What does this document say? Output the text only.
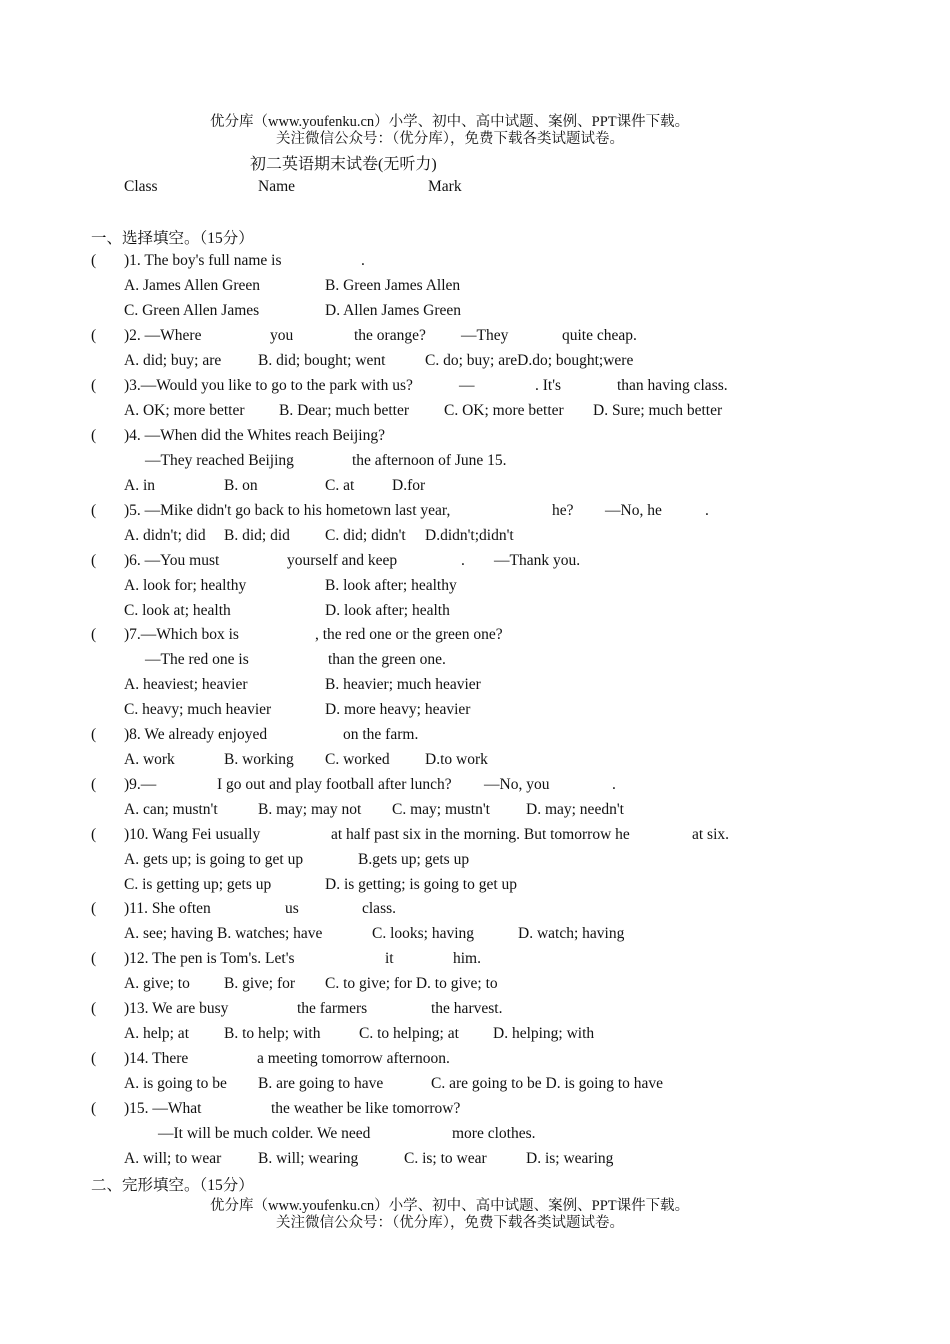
优分库（www.youfenku.cn）小学、初中、高中试题、案例、PPT课件下载。
关注微信公众号：（优分库），免费下载各类试题试卷。
初二英语期末试卷(无听力)
Class	Name	Mark
一、选择填空。（15分）
( )1. The boy's full name is	.
A. James Allen Green	B. Green James Allen
C. Green Allen James	D. Allen James Green
( )2. —Where	you	the orange? —They	quite cheap.
A. did; buy; are B. did; bought; went	C. do; buy; areD.do; bought;were
( )3.—Would you like to go to the park with us?	—	. It's	than having class.
A. OK; more better B. Dear; much better C. OK; more better D. Sure; much better
( )4. —When did the Whites reach Beijing?
—They reached Beijing	the afternoon of June 15.
A. in	B. on	C. at D.for
( )5. —Mike didn't go back to his hometown last year,	he? —No, he	.
A. didn't; did B. did; did C. did; didn't D.didn't;didn't
( )6. —You must	yourself and keep	. —Thank you.
A. look for; healthy	B. look after; healthy
C. look at; health	D. look after; health
( )7.—Which box is	, the red one or the green one?
—The red one is	than the green one.
A. heaviest; heavier	B. heavier; much heavier
C. heavy; much heavier	D. more heavy; heavier
( )8. We already enjoyed	on the farm.
A. work	B. working C. worked D.to work
( )9.—	I go out and play football after lunch? —No, you	.
A. can; mustn't	B. may; may not C. may; mustn't D. may; needn't
( )10. Wang Fei usually	at half past six in the morning. But tomorrow he	at six.
A. gets up; is going to get up	B.gets up; gets up
C. is getting up; gets up	D. is getting; is going to get up
( )11. She often	us	class.
A. see; having B. watches; have	C. looks; having	D. watch; having
( )12. The pen is Tom's. Let's	it	him.
A. give; to B. give; for C. to give; for D. to give; to
( )13. We are busy	the farmers	the harvest.
A. help; at B. to help; with C. to helping; at D. helping; with
( )14. There	a meeting tomorrow afternoon.
A. is going to be B. are going to have	C. are going to be D. is going to have
( )15. —What	the weather be like tomorrow?
—It will be much colder. We need	more clothes.
A. will; to wear B. will; wearing	C. is; to wear	D. is; wearing
二、完形填空。（15分）
优分库（www.youfenku.cn）小学、初中、高中试题、案例、PPT课件下载。
关注微信公众号：（优分库），免费下载各类试题试卷。
